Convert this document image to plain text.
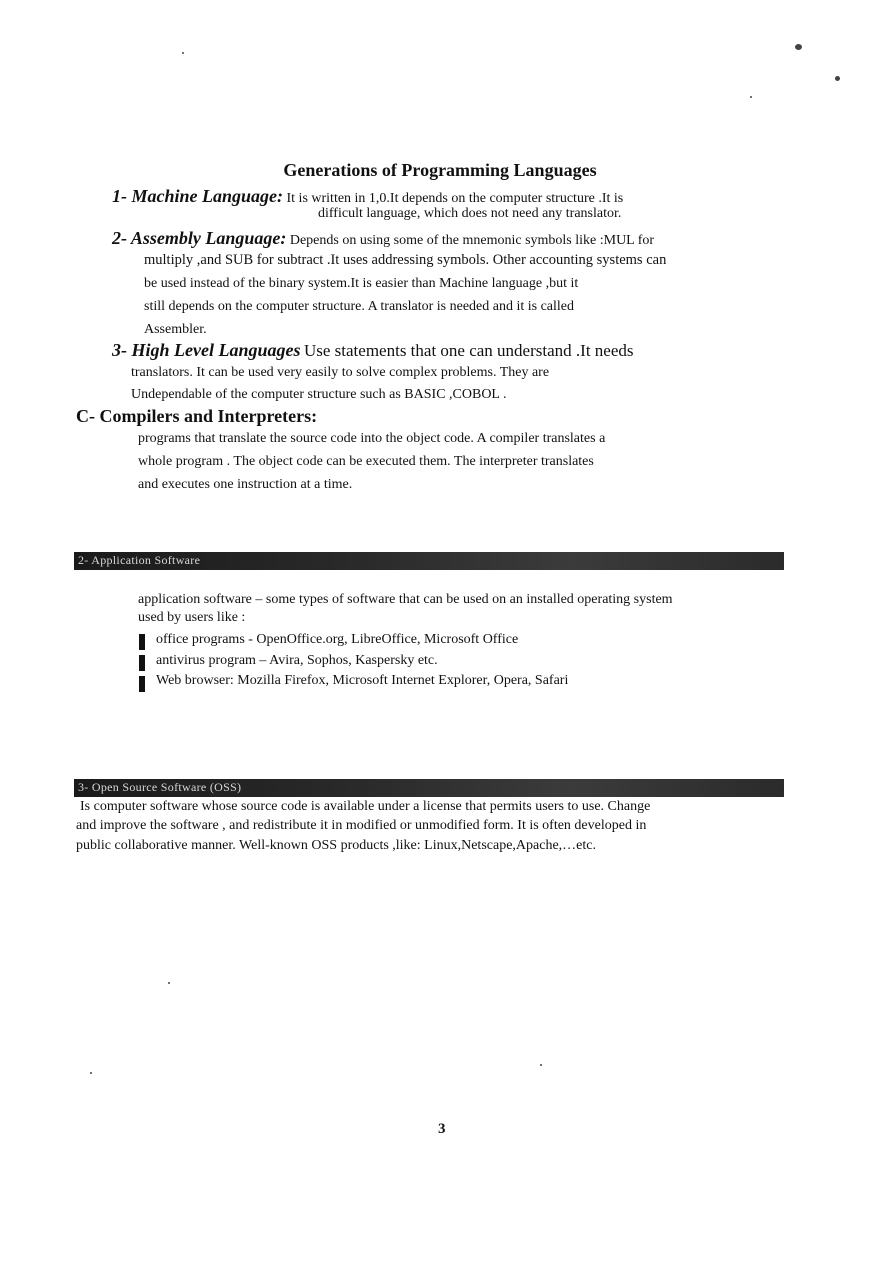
Generations of Programming Languages
1- Machine Language: It is written in 1,0.It depends on the computer structure .It is
difficult language, which does not need any translator.
2- Assembly Language: Depends on using some of the mnemonic symbols like :MUL for
multiply ,and SUB for subtract .It uses addressing symbols. Other accounting systems can
be used instead of the binary system.It is easier than Machine language ,but it
still depends on the computer structure. A translator is needed and it is called
Assembler.
3- High Level Languages Use statements that one can understand .It needs
translators. It can be used very easily to solve complex problems. They are
Undependable of the computer structure such as BASIC ,COBOL .
C- Compilers and Interpreters:
programs that translate the source code into the object code. A compiler translates a
whole program . The object code can be executed them. The interpreter translates
and executes one instruction at a time.
2- Application Software
application software – some types of software that can be used on an installed operating system
used by users like :
office programs - OpenOffice.org, LibreOffice, Microsoft Office
antivirus program – Avira, Sophos, Kaspersky etc.
Web browser: Mozilla Firefox, Microsoft Internet Explorer, Opera, Safari
3- Open Source Software (OSS)
Is computer software whose source code is available under a license that permits users to use. Change
and improve the software , and redistribute it in modified or unmodified form. It is often developed in
public collaborative manner. Well-known OSS products ,like: Linux,Netscape,Apache,…etc.
3
